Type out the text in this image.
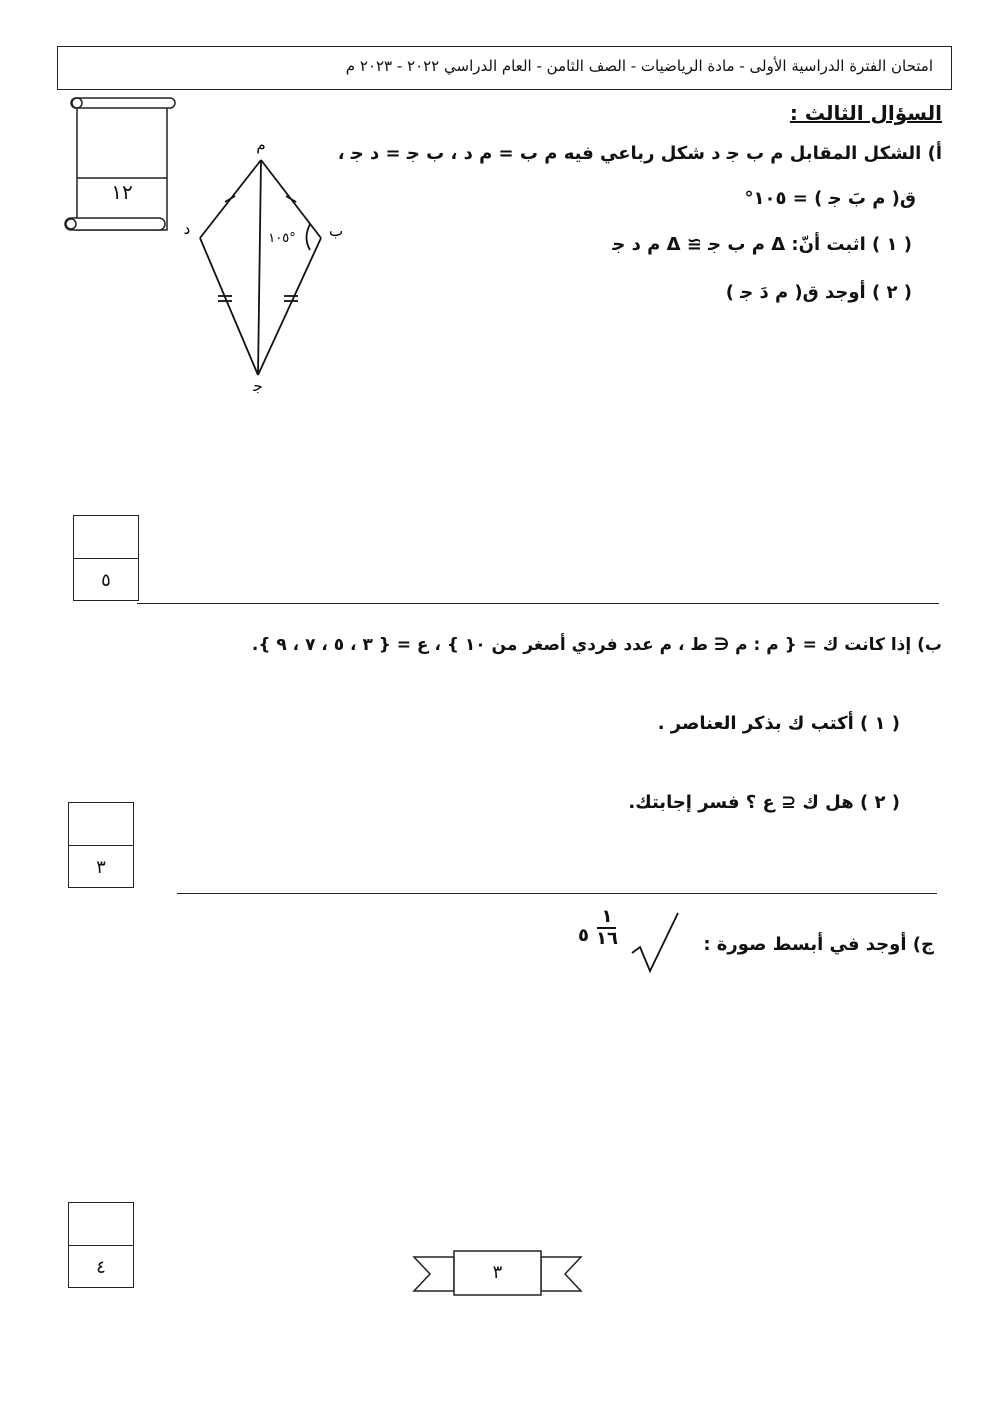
امتحان الفترة الدراسية الأولى - مادة الرياضيات - الصف الثامن - العام الدراسي ٢٠٢٢ - ٢٠٢٣ م
١٢
السؤال الثالث :
أ) الشكل المقابل ﻡ ب ﺟ د شكل رباعي فيه ﻡ ب = ﻡ د ، ب ﺟ = د ﺟ ،
ﻕ( ﻡ بَ ﺟ ) = ١٠٥°
( ١ ) اثبت أنّ: Δ ﻡ ب ﺟ ≅ Δ ﻡ د ﺟ
( ٢ ) أوجد ﻕ( ﻡ دَ ﺟ )
ﻡ
ب
د
ﺟ
١٠٥°
٥
ب) إذا كانت ك = { ﻡ : ﻡ ∈ ط ، ﻡ عدد فردي أصغر من ١٠ } ، ع = { ٣ ، ٥ ، ٧ ، ٩ }.
( ١ ) أكتب ك بذكر العناصر .
( ٢ ) هل ك ⊆ ع ؟ فسر إجابتك.
٣
ج) أوجد في أبسط صورة :
١
١٦
٥
٤	٣
